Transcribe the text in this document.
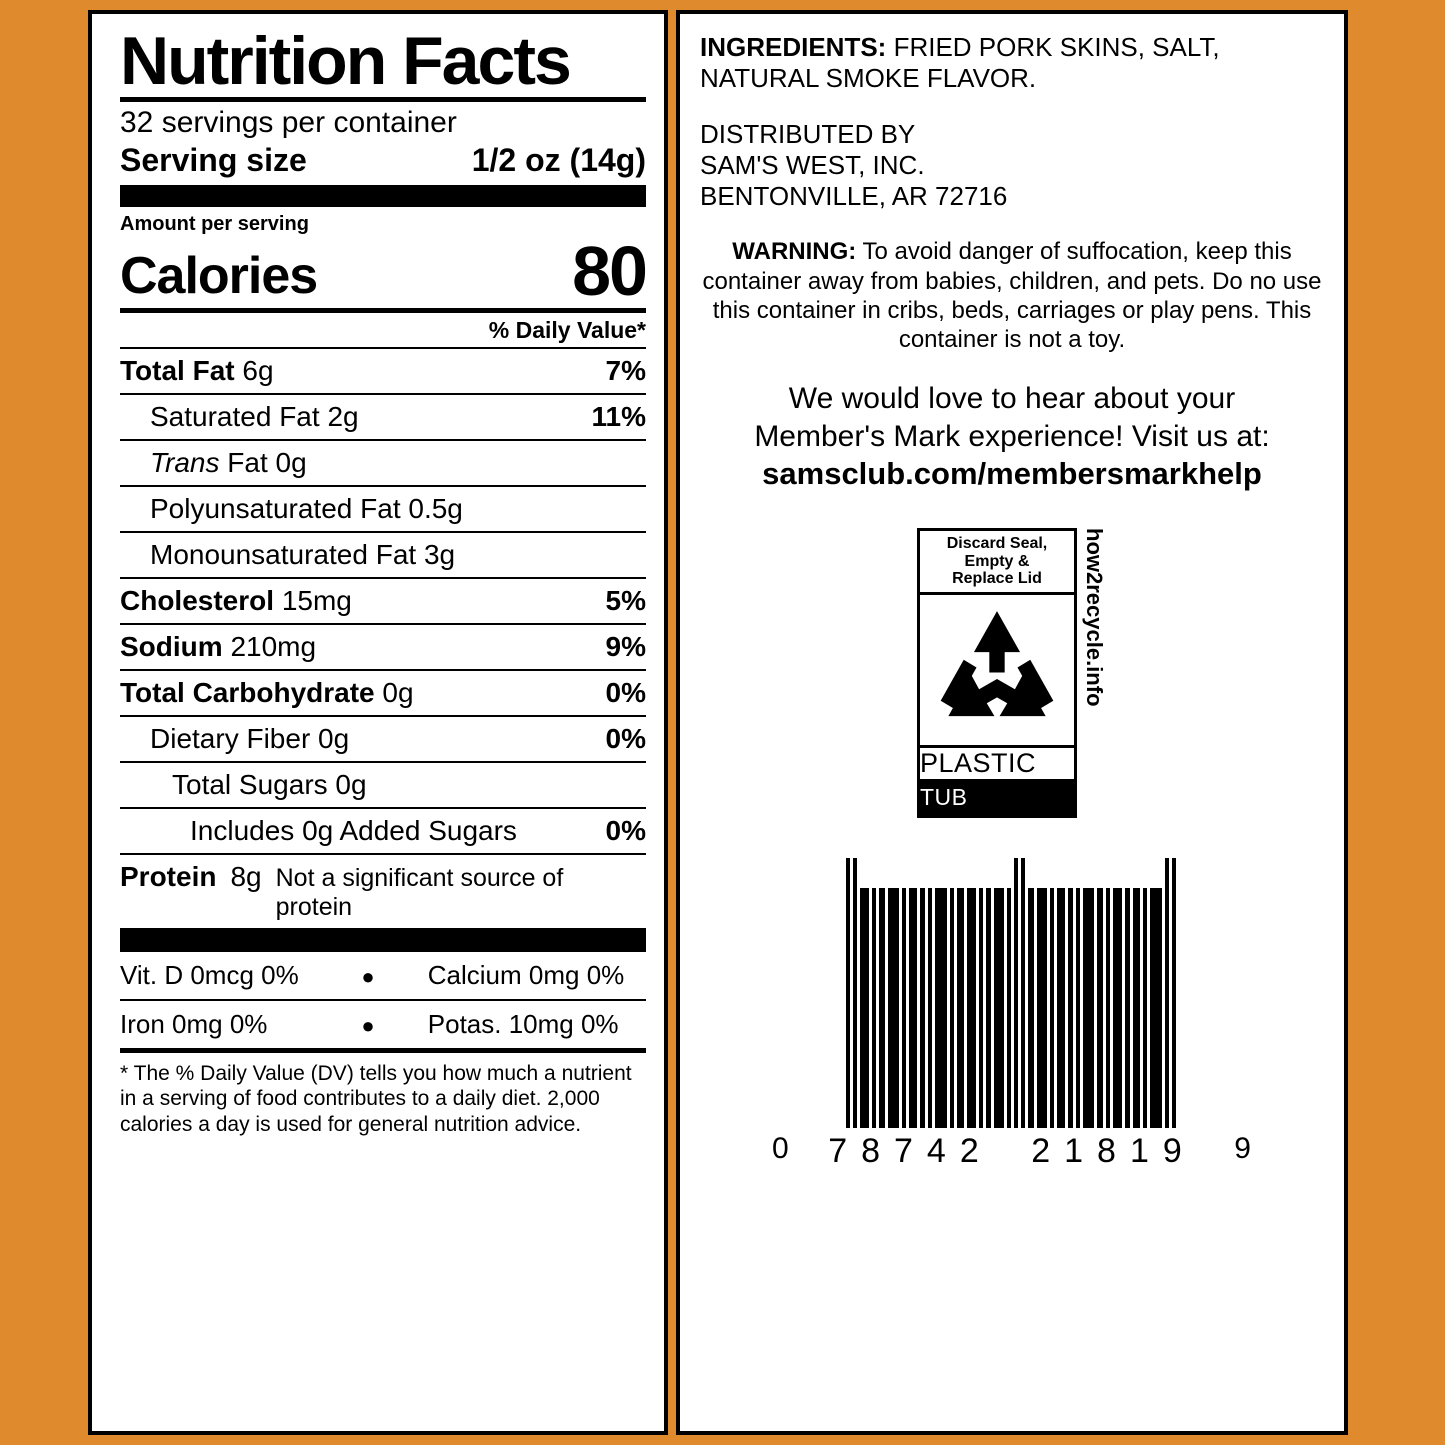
Nutrition Facts
32 servings per container
Serving size	1/2 oz (14g)
Amount per serving
Calories	80
% Daily Value*
Total Fat 6g	7%
Saturated Fat 2g	11%
Trans Fat 0g
Polyunsaturated Fat 0.5g
Monounsaturated Fat 3g
Cholesterol 15mg	5%
Sodium 210mg	9%
Total Carbohydrate 0g	0%
Dietary Fiber 0g	0%
Total Sugars 0g
Includes 0g Added Sugars	0%
Protein 8g Not a significant source of protein
Vit. D 0mcg 0%	●	Calcium 0mg 0%
Iron 0mg 0%	●	Potas. 10mg 0%
* The % Daily Value (DV) tells you how much a nutrient in a serving of food contributes to a daily diet. 2,000 calories a day is used for general nutrition advice.
INGREDIENTS: FRIED PORK SKINS, SALT, NATURAL SMOKE FLAVOR.
DISTRIBUTED BY
SAM'S WEST, INC.
BENTONVILLE, AR 72716
WARNING: To avoid danger of suffocation, keep this container away from babies, children, and pets. Do no use this container in cribs, beds, carriages or play pens. This container is not a toy.
We would love to hear about your
Member's Mark experience! Visit us at:
samsclub.com/membersmarkhelp
Discard Seal,
Empty &
Replace Lid
PLASTIC
TUB
how2recycle.info
0 78742 21819 9
